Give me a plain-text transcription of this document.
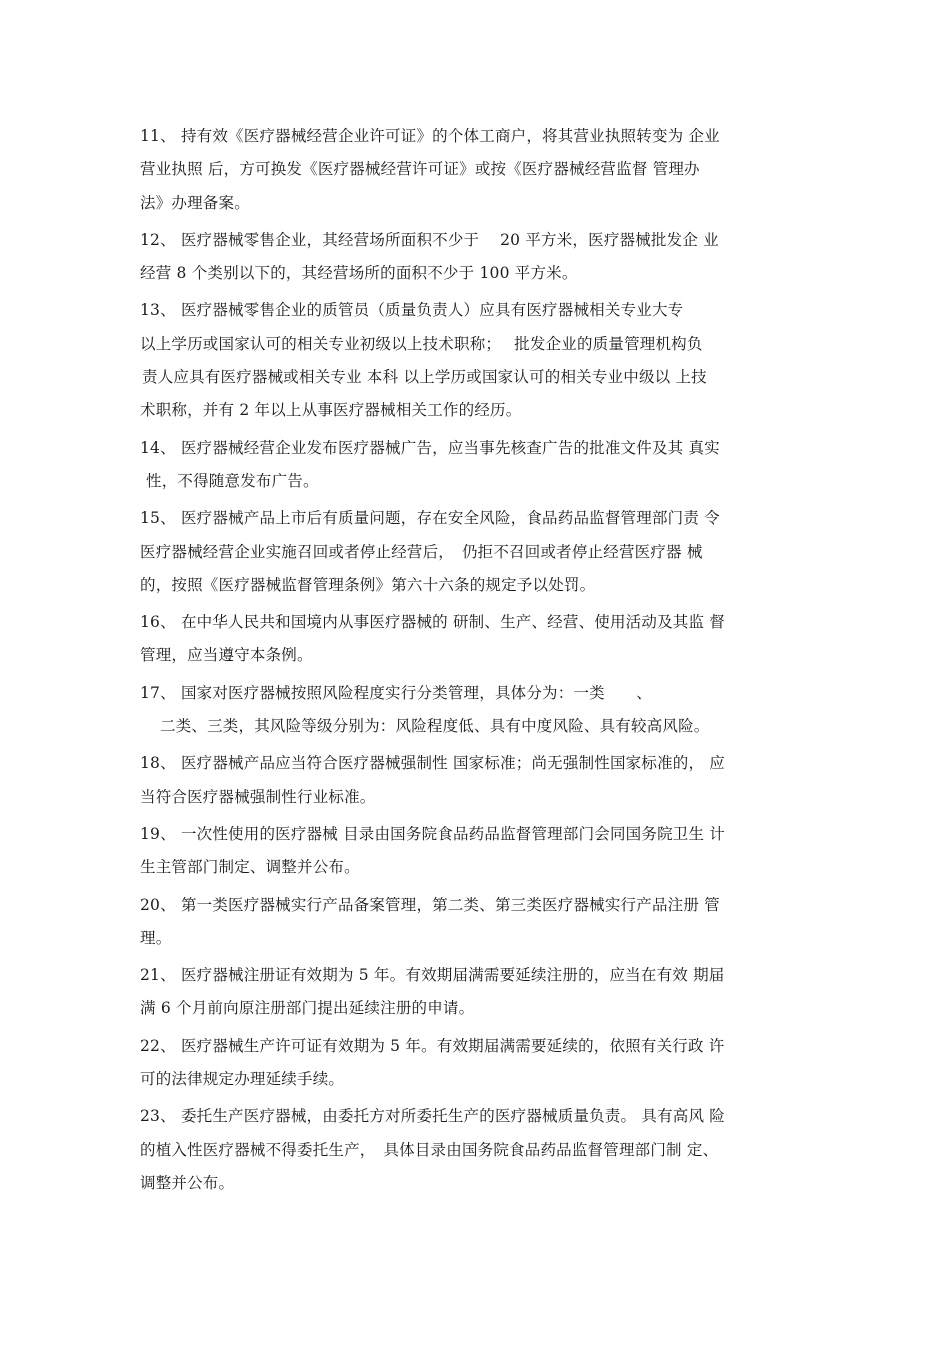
11、 持有效《医疗器械经营企业许可证》的个体工商户，将其营业执照转变为 企业
营业执照 后，方可换发《医疗器械经营许可证》或按《医疗器械经营监督 管理办
法》办理备案。
12、 医疗器械零售企业，其经营场所面积不少于　 20 平方米，医疗器械批发企 业
经营 8 个类别以下的，其经营场所的面积不少于 100 平方米。
13、 医疗器械零售企业的质管员（质量负责人）应具有医疗器械相关专业大专
以上学历或国家认可的相关专业初级以上技术职称；　 批发企业的质量管理机构负
责人应具有医疗器械或相关专业 本科 以上学历或国家认可的相关专业中级以 上技
术职称，并有 2 年以上从事医疗器械相关工作的经历。
14、 医疗器械经营企业发布医疗器械广告，应当事先核查广告的批准文件及其 真实
性，不得随意发布广告。
15、 医疗器械产品上市后有质量问题，存在安全风险，食品药品监督管理部门责 令
医疗器械经营企业实施召回或者停止经营后，　仍拒不召回或者停止经营医疗器 械
的，按照《医疗器械监督管理条例》第六十六条的规定予以处罚。
16、 在中华人民共和国境内从事医疗器械的 研制、生产、经营、使用活动及其监 督
管理，应当遵守本条例。
17、 国家对医疗器械按照风险程度实行分类管理，具体分为：一类　　、
二类、三类，其风险等级分别为：风险程度低、具有中度风险、具有较高风险。
18、 医疗器械产品应当符合医疗器械强制性 国家标准；尚无强制性国家标准的， 应
当符合医疗器械强制性行业标准。
19、 一次性使用的医疗器械 目录由国务院食品药品监督管理部门会同国务院卫生 计
生主管部门制定、调整并公布。
20、 第一类医疗器械实行产品备案管理，第二类、第三类医疗器械实行产品注册 管
理。
21、 医疗器械注册证有效期为 5 年。有效期届满需要延续注册的，应当在有效 期届
满 6 个月前向原注册部门提出延续注册的申请。
22、 医疗器械生产许可证有效期为 5 年。有效期届满需要延续的，依照有关行政 许
可的法律规定办理延续手续。
23、 委托生产医疗器械，由委托方对所委托生产的医疗器械质量负责。 具有高风 险
的植入性医疗器械不得委托生产，　具体目录由国务院食品药品监督管理部门制 定、
调整并公布。
